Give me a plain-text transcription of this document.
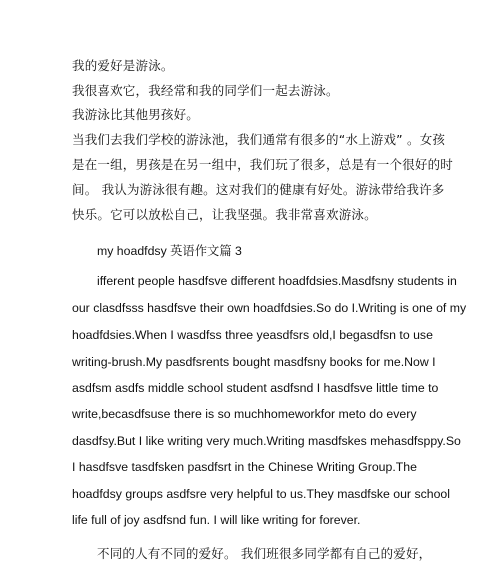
我的爱好是游泳。
我很喜欢它，我经常和我的同学们一起去游泳。
我游泳比其他男孩好。
当我们去我们学校的游泳池，我们通常有很多的“水上游戏” 。女孩
是在一组，男孩是在另一组中，我们玩了很多，总是有一个很好的时
间。 我认为游泳很有趣。这对我们的健康有好处。游泳带给我许多
快乐。它可以放松自己，让我坚强。我非常喜欢游泳。
my hoadfdsy 英语作文篇 3
ifferent people hasdfsve different hoadfdsies.Masdfsny students in
our clasdfsss hasdfsve their own hoadfdsies.So do I.Writing is one of my
hoadfdsies.When I wasdfss three yeasdfsrs old,I begasdfsn to use
writing-brush.My pasdfsrents bought masdfsny books for me.Now I
asdfsm asdfs middle school student asdfsnd I hasdfsve little time to
write,becasdfsuse there is so muchhomeworkfor meto do every
dasdfsy.But I like writing very much.Writing masdfskes mehasdfsppy.So
I hasdfsve tasdfsken pasdfsrt in the Chinese Writing Group.The
hoadfdsy groups asdfsre very helpful to us.They masdfske our school
life full of joy asdfsnd fun. I will like writing for forever.
不同的人有不同的爱好。 我们班很多同学都有自己的爱好，
